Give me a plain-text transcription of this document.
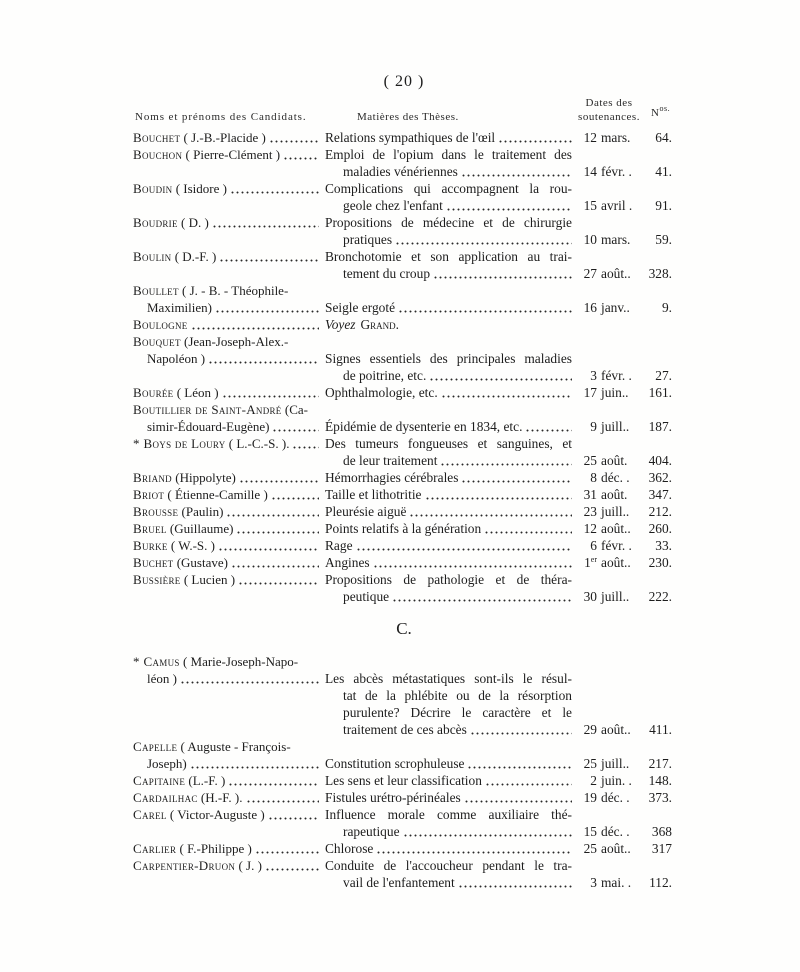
( 20 )
Noms et prénoms des Candidats.	Matières des Thèses.
Dates des
soutenances.	$N^{os.}$
Bouchet ( J.-B.-Placide )	Relations sympathiques de l'œil	12 mars.	64.
Bouchon ( Pierre-Clément )	Emploi de l'opium dans le traitement des
maladies vénériennes	14 févr. .	41.
Boudin ( Isidore )	Complications qui accompagnent la rou-
geole chez l'enfant	15 avril .	91.
Boudrie ( D. )	Propositions de médecine et de chirurgie
pratiques	10 mars.	59.
Boulin ( D.-F. )	Bronchotomie et son application au trai-
tement du croup	27 août..	328.
Boullet ( J. - B. - Théophile-
Maximilien)	Seigle ergoté	16 janv..	9.
Boulogne	Voyez Grand.
Bouquet (Jean-Joseph-Alex.-
Napoléon )	Signes essentiels des principales maladies
de poitrine, etc.	3 févr. .	27.
Bourée ( Léon )	Ophthalmologie, etc.	17 juin..	161.
Boutillier de Saint-André (Ca-
simir-Édouard-Eugène)	Épidémie de dysenterie en 1834, etc.	9 juill..	187.
* Boys de Loury ( L.-C.-S. ).	Des tumeurs fongueuses et sanguines, et
de leur traitement	25 août.	404.
Briand (Hippolyte)	Hémorrhagies cérébrales	8 déc. .	362.
Briot ( Étienne-Camille )	Taille et lithotritie	31 août.	347.
Brousse (Paulin)	Pleurésie aiguë	23 juill..	212.
Bruel (Guillaume)	Points relatifs à la génération	12 août..	260.
Burke ( W.-S. )	Rage	6 févr. .	33.
Buchet (Gustave)	Angines	1er août..	230.
Bussière ( Lucien )	Propositions de pathologie et de théra-
peutique	30 juill..	222.
C.
* Camus ( Marie-Joseph-Napo-
léon )	Les abcès métastatiques sont-ils le résul-
tat de la phlébite ou de la résorption
purulente? Décrire le caractère et le
traitement de ces abcès	29 août..	411.
Capelle ( Auguste - François-
Joseph)	Constitution scrophuleuse	25 juill..	217.
Capitaine (L.-F. )	Les sens et leur classification	2 juin. .	148.
Cardailhac (H.-F. ).	Fistules urétro-périnéales	19 déc. .	373.
Carel ( Victor-Auguste )	Influence morale comme auxiliaire thé-
rapeutique	15 déc. .	368
Carlier ( F.-Philippe )	Chlorose	25 août..	317
Carpentier-Druon ( J. )	Conduite de l'accoucheur pendant le tra-
vail de l'enfantement	3 mai. .	112.
